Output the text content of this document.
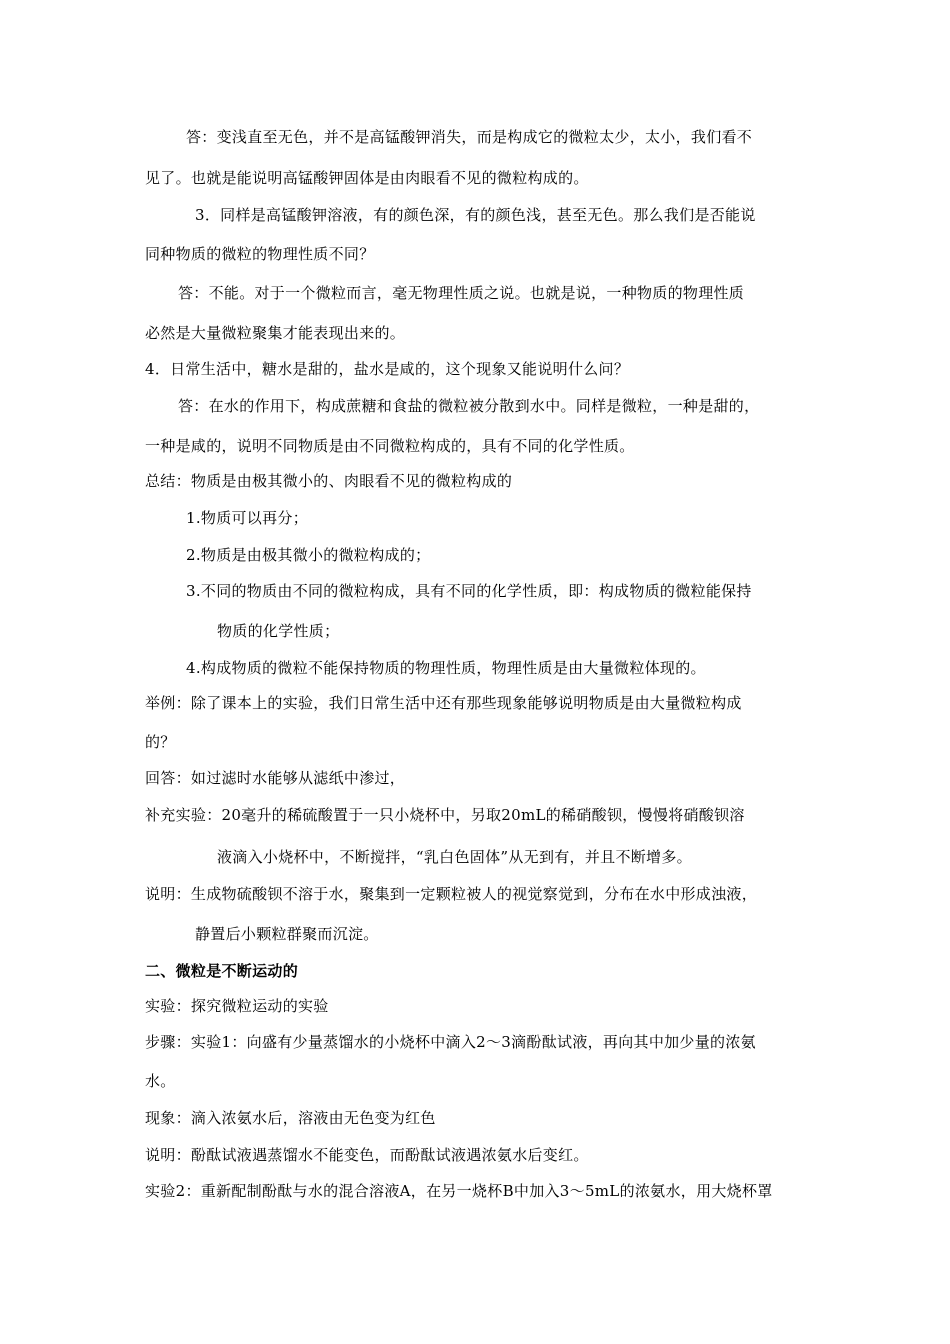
答：变浅直至无色，并不是高锰酸钾消失，而是构成它的微粒太少，太小，我们看不
见了。也就是能说明高锰酸钾固体是由肉眼看不见的微粒构成的。
3．同样是高锰酸钾溶液，有的颜色深，有的颜色浅，甚至无色。那么我们是否能说
同种物质的微粒的物理性质不同？
答：不能。对于一个微粒而言，毫无物理性质之说。也就是说，一种物质的物理性质
必然是大量微粒聚集才能表现出来的。
4．日常生活中，糖水是甜的，盐水是咸的，这个现象又能说明什么问？
答：在水的作用下，构成蔗糖和食盐的微粒被分散到水中。同样是微粒，一种是甜的，
一种是咸的，说明不同物质是由不同微粒构成的，具有不同的化学性质。
总结：物质是由极其微小的、肉眼看不见的微粒构成的
1.物质可以再分；
2.物质是由极其微小的微粒构成的；
3.不同的物质由不同的微粒构成，具有不同的化学性质，即：构成物质的微粒能保持
物质的化学性质；
4.构成物质的微粒不能保持物质的物理性质，物理性质是由大量微粒体现的。
举例：除了课本上的实验，我们日常生活中还有那些现象能够说明物质是由大量微粒构成
的？
回答：如过滤时水能够从滤纸中渗过，
补充实验：20毫升的稀硫酸置于一只小烧杯中，另取20mL的稀硝酸钡，慢慢将硝酸钡溶
液滴入小烧杯中，不断搅拌，“乳白色固体”从无到有，并且不断增多。
说明：生成物硫酸钡不溶于水，聚集到一定颗粒被人的视觉察觉到，分布在水中形成浊液，
静置后小颗粒群聚而沉淀。
二、微粒是不断运动的
实验：探究微粒运动的实验
步骤：实验1：向盛有少量蒸馏水的小烧杯中滴入2～3滴酚酞试液，再向其中加少量的浓氨
水。
现象：滴入浓氨水后，溶液由无色变为红色
说明：酚酞试液遇蒸馏水不能变色，而酚酞试液遇浓氨水后变红。
实验2：重新配制酚酞与水的混合溶液A，在另一烧杯B中加入3～5mL的浓氨水，用大烧杯罩
